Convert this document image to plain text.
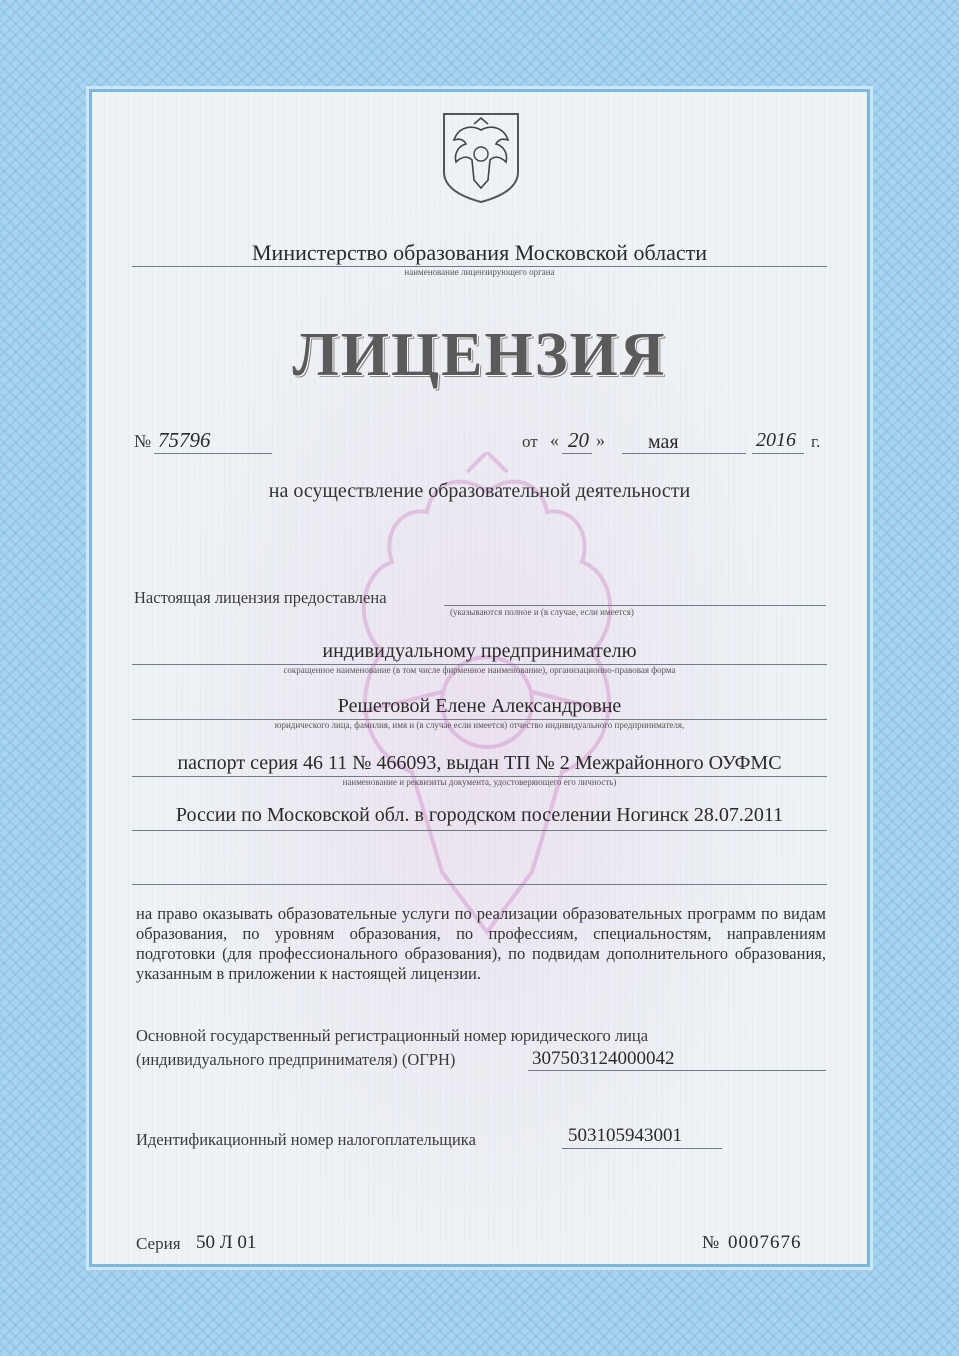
Министерство образования Московской области
наименование лицензирующего органа
ЛИЦЕНЗИЯ
№ 75796	от « 20 » мая	2016 г.
на осуществление образовательной деятельности
Настоящая лицензия предоставлена
(указываются полное и (в случае, если имеется)
индивидуальному предпринимателю
сокращенное наименование (в том числе фирменное наименование), организационно-правовая форма
Решетовой Елене Александровне
юридического лица, фамилия, имя и (в случае если имеется) отчество индивидуального предпринимателя,
паспорт серия 46 11 № 466093, выдан ТП № 2 Межрайонного ОУФМС
наименование и реквизиты документа, удостоверяющего его личность)
России по Московской обл. в городском поселении Ногинск 28.07.2011
на право оказывать образовательные услуги по реализации образовательных программ по видам образования, по уровням образования, по профессиям, специальностям, направлениям подготовки (для профессионального образования), по подвидам дополнительного образования, указанным в приложении к настоящей лицензии.
Основной государственный регистрационный номер юридического лица
(индивидуального предпринимателя) (ОГРН)	307503124000042
Идентификационный номер налогоплательщика	503105943001
Серия 50 Л 01	№ 0007676
